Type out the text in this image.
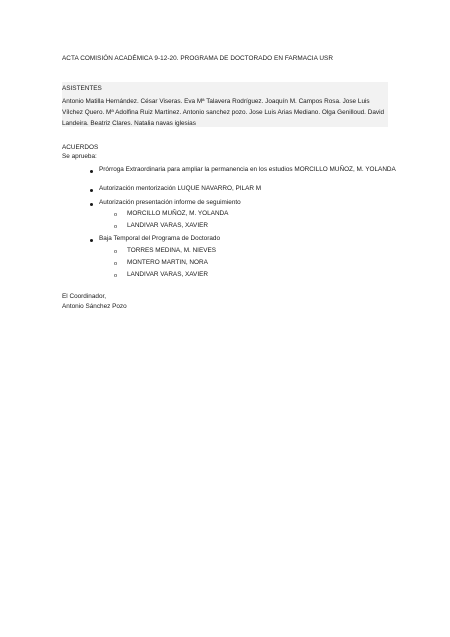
ACTA COMISIÓN ACADÉMICA 9-12-20. PROGRAMA DE DOCTORADO EN FARMACIA USR
ASISTENTES
Antonio Matilla Hernández. César Viseras. Eva Mª Talavera Rodríguez. Joaquín M. Campos Rosa. Jose Luis Vílchez Quero. Mª Adolfina Ruiz Martínez. Antonio sanchez pozo. Jose Luis Arias Mediano. Olga Genilloud. David Landeira. Beatriz Clares. Natalia navas iglesias
ACUERDOS
Se aprueba:
Prórroga Extraordinaria para ampliar la permanencia en los estudios MORCILLO MUÑOZ, M. YOLANDA
Autorización mentorización LUQUE NAVARRO, PILAR M
Autorización presentación informe de seguimiento
o MORCILLO MUÑOZ, M. YOLANDA
o LANDIVAR VARAS, XAVIER
Baja Temporal del Programa de Doctorado
o TORRES MEDINA, M. NIEVES
o MONTERO MARTIN, NORA
o LANDIVAR VARAS, XAVIER
El Coordinador,
Antonio Sánchez Pozo
